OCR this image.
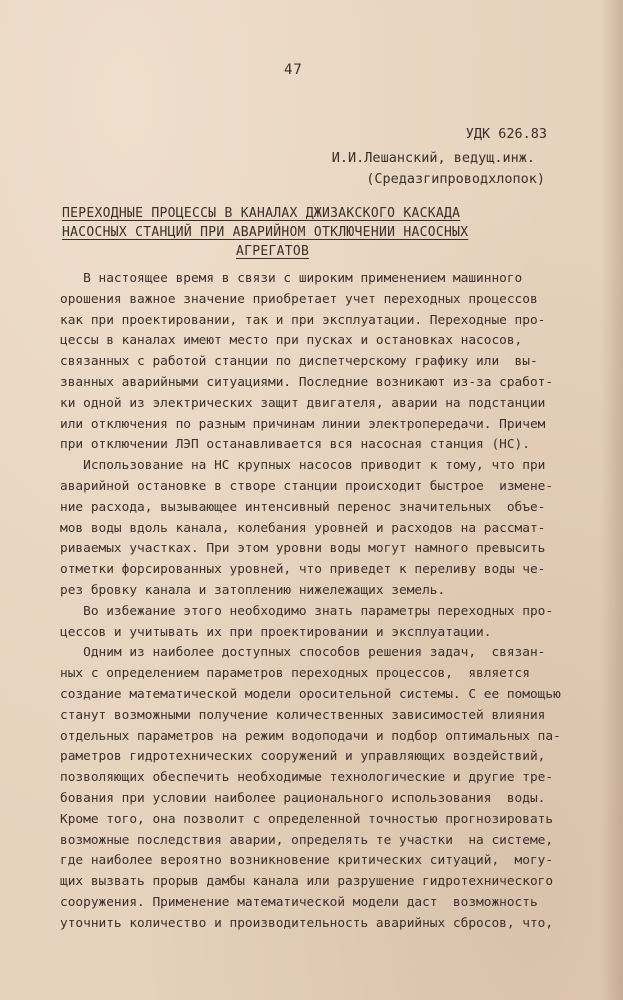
47
УДК 626.83
И.И.Лешанский, ведущ.инж.
(Средазгипроводхлопок)
ПЕРЕХОДНЫЕ ПРОЦЕССЫ В КАНАЛАХ ДЖИЗАКСКОГО КАСКАДА
НАСОСНЫХ СТАНЦИЙ ПРИ АВАРИЙНОМ ОТКЛЮЧЕНИИ НАСОСНЫХ
АГРЕГАТОВ
В настоящее время в связи с широким применением машинного
орошения важное значение приобретает учет переходных процессов
как при проектировании, так и при эксплуатации. Переходные про-
цессы в каналах имеют место при пусках и остановках насосов,
связанных с работой станции по диспетчерскому графику или  вы-
званных аварийными ситуациями. Последние возникают из-за сработ-
ки одной из электрических защит двигателя, аварии на подстанции
или отключения по разным причинам линии электропередачи. Причем
при отключении ЛЭП останавливается вся насосная станция (НС).
Использование на НС крупных насосов приводит к тому, что при
аварийной остановке в створе станции происходит быстрое  измене-
ние расхода, вызывающее интенсивный перенос значительных  объе-
мов воды вдоль канала, колебания уровней и расходов на рассмат-
риваемых участках. При этом уровни воды могут намного превысить
отметки форсированных уровней, что приведет к переливу воды че-
рез бровку канала и затоплению нижележащих земель.
Во избежание этого необходимо знать параметры переходных про-
цессов и учитывать их при проектировании и эксплуатации.
Одним из наиболее доступных способов решения задач,  связан-
ных с определением параметров переходных процессов,  является
создание математической модели оросительной системы. С ее помощью
станут возможными получение количественных зависимостей влияния
отдельных параметров на режим водоподачи и подбор оптимальных па-
раметров гидротехнических сооружений и управляющих воздействий,
позволяющих обеспечить необходимые технологические и другие тре-
бования при условии наиболее рационального использования  воды.
Кроме того, она позволит с определенной точностью прогнозировать
возможные последствия аварии, определять те участки  на системе,
где наиболее вероятно возникновение критических ситуаций,  могу-
щих вызвать прорыв дамбы канала или разрушение гидротехнического
сооружения. Применение математической модели даст  возможность
уточнить количество и производительность аварийных сбросов, что,
